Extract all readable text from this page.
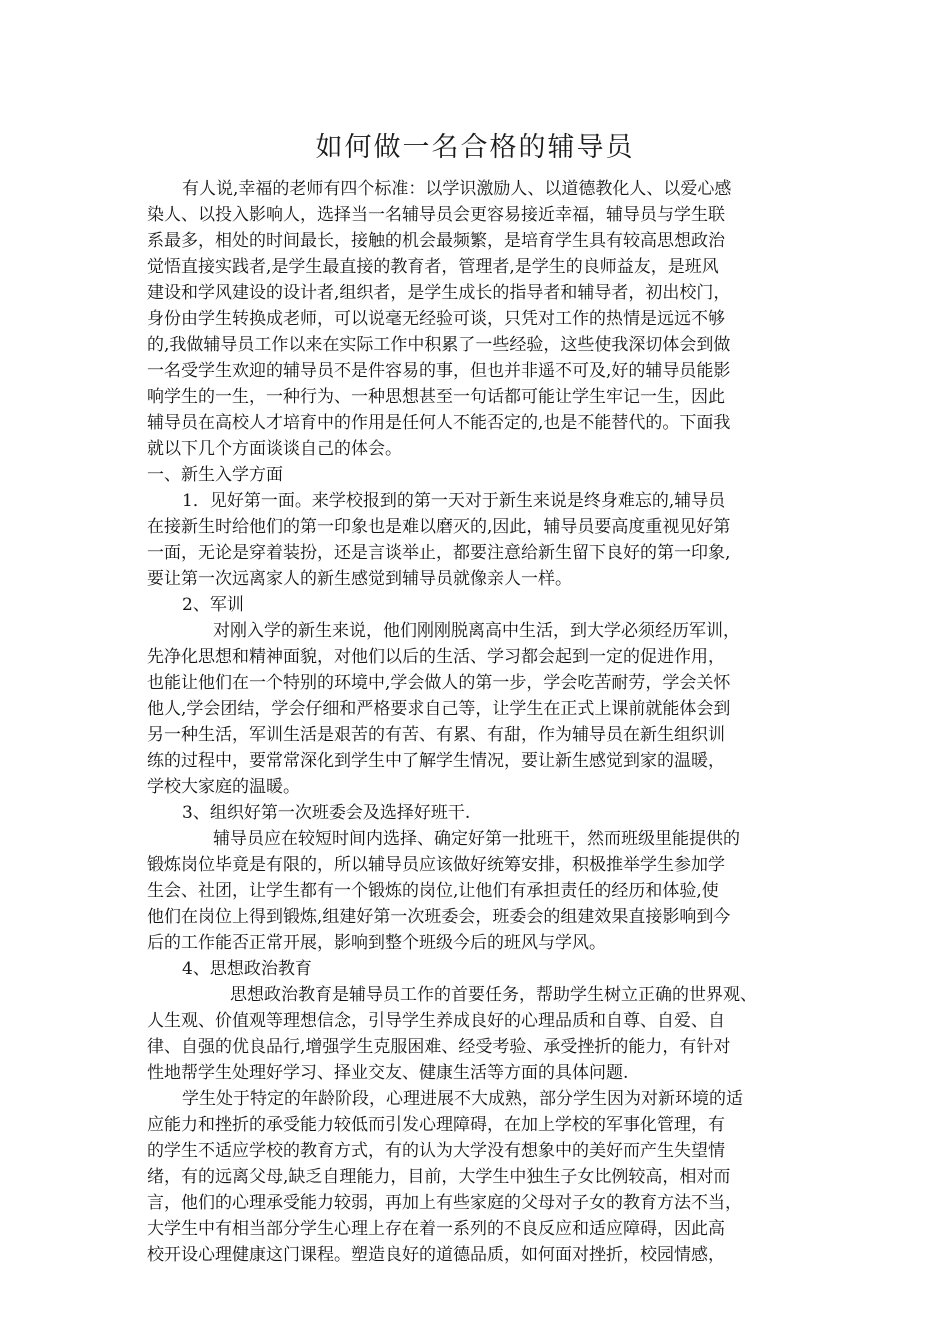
如何做一名合格的辅导员
有人说,幸福的老师有四个标准：以学识激励人、以道德教化人、以爱心感
染人、以投入影响人，选择当一名辅导员会更容易接近幸福，辅导员与学生联
系最多，相处的时间最长，接触的机会最频繁，是培育学生具有较高思想政治
觉悟直接实践者,是学生最直接的教育者，管理者,是学生的良师益友，是班风
建设和学风建设的设计者,组织者，是学生成长的指导者和辅导者，初出校门，
身份由学生转换成老师，可以说毫无经验可谈，只凭对工作的热情是远远不够
的,我做辅导员工作以来在实际工作中积累了一些经验，这些使我深切体会到做
一名受学生欢迎的辅导员不是件容易的事，但也并非遥不可及,好的辅导员能影
响学生的一生，一种行为、一种思想甚至一句话都可能让学生牢记一生，因此
辅导员在高校人才培育中的作用是任何人不能否定的,也是不能替代的。下面我
就以下几个方面谈谈自己的体会。
一、新生入学方面
1．见好第一面。来学校报到的第一天对于新生来说是终身难忘的,辅导员
在接新生时给他们的第一印象也是难以磨灭的,因此，辅导员要高度重视见好第
一面，无论是穿着装扮，还是言谈举止，都要注意给新生留下良好的第一印象,
要让第一次远离家人的新生感觉到辅导员就像亲人一样。
2、军训
对刚入学的新生来说，他们刚刚脱离高中生活，到大学必须经历军训，
先净化思想和精神面貌，对他们以后的生活、学习都会起到一定的促进作用，
也能让他们在一个特别的环境中,学会做人的第一步，学会吃苦耐劳，学会关怀
他人,学会团结，学会仔细和严格要求自己等，让学生在正式上课前就能体会到
另一种生活，军训生活是艰苦的有苦、有累、有甜，作为辅导员在新生组织训
练的过程中，要常常深化到学生中了解学生情况，要让新生感觉到家的温暖，
学校大家庭的温暖。
3、组织好第一次班委会及选择好班干.
辅导员应在较短时间内选择、确定好第一批班干，然而班级里能提供的
锻炼岗位毕竟是有限的，所以辅导员应该做好统筹安排，积极推举学生参加学
生会、社团，让学生都有一个锻炼的岗位,让他们有承担责任的经历和体验,使
他们在岗位上得到锻炼,组建好第一次班委会，班委会的组建效果直接影响到今
后的工作能否正常开展，影响到整个班级今后的班风与学风。
4、思想政治教育
思想政治教育是辅导员工作的首要任务，帮助学生树立正确的世界观、
人生观、价值观等理想信念，引导学生养成良好的心理品质和自尊、自爱、自
律、自强的优良品行,增强学生克服困难、经受考验、承受挫折的能力，有针对
性地帮学生处理好学习、择业交友、健康生活等方面的具体问题.
学生处于特定的年龄阶段，心理进展不大成熟，部分学生因为对新环境的适
应能力和挫折的承受能力较低而引发心理障碍，在加上学校的军事化管理，有
的学生不适应学校的教育方式，有的认为大学没有想象中的美好而产生失望情
绪，有的远离父母,缺乏自理能力，目前，大学生中独生子女比例较高，相对而
言，他们的心理承受能力较弱，再加上有些家庭的父母对子女的教育方法不当，
大学生中有相当部分学生心理上存在着一系列的不良反应和适应障碍，因此高
校开设心理健康这门课程。塑造良好的道德品质，如何面对挫折，校园情感，
